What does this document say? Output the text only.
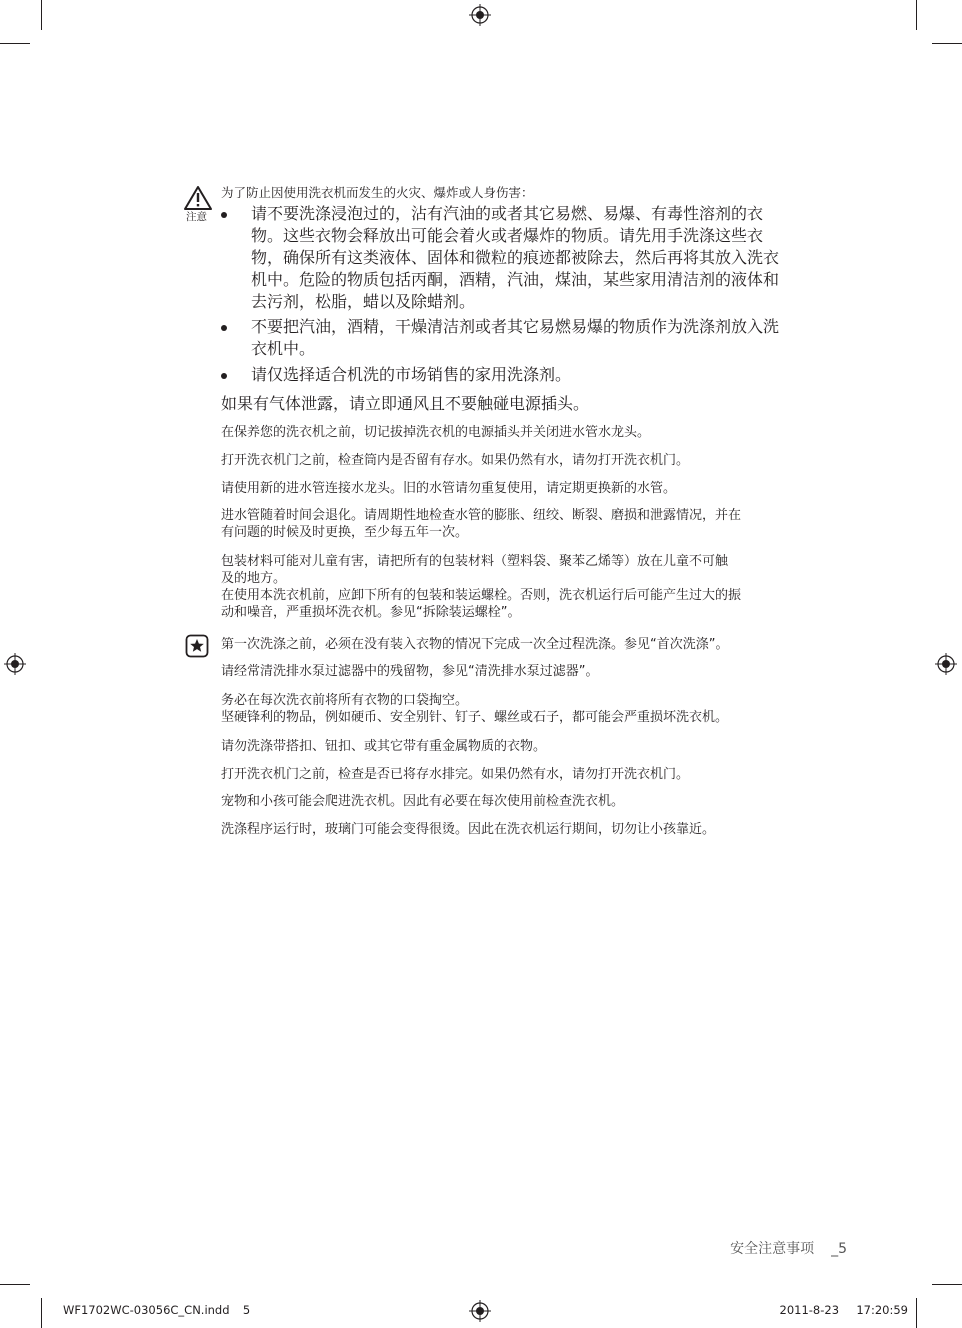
注意
为了防止因使用洗衣机而发生的火灾、爆炸或人身伤害：
请不要洗涤浸泡过的，沾有汽油的或者其它易燃、易爆、有毒性溶剂的衣
物。这些衣物会释放出可能会着火或者爆炸的物质。请先用手洗涤这些衣
物，确保所有这类液体、固体和微粒的痕迹都被除去，然后再将其放入洗衣
机中。危险的物质包括丙酮，酒精，汽油，煤油，某些家用清洁剂的液体和
去污剂，松脂，蜡以及除蜡剂。
不要把汽油，酒精，干燥清洁剂或者其它易燃易爆的物质作为洗涤剂放入洗
衣机中。
请仅选择适合机洗的市场销售的家用洗涤剂。
如果有气体泄露，请立即通风且不要触碰电源插头。
在保养您的洗衣机之前，切记拔掉洗衣机的电源插头并关闭进水管水龙头。
打开洗衣机门之前，检查筒内是否留有存水。如果仍然有水，请勿打开洗衣机门。
请使用新的进水管连接水龙头。旧的水管请勿重复使用，请定期更换新的水管。
进水管随着时间会退化。请周期性地检查水管的膨胀、纽绞、断裂、磨损和泄露情况，并在
有问题的时候及时更换，至少每五年一次。
包装材料可能对儿童有害，请把所有的包装材料（塑料袋、聚苯乙烯等）放在儿童不可触
及的地方。
在使用本洗衣机前，应卸下所有的包装和装运螺栓。否则，洗衣机运行后可能产生过大的振
动和噪音，严重损坏洗衣机。参见“拆除装运螺栓”。
第一次洗涤之前，必须在没有装入衣物的情况下完成一次全过程洗涤。参见“首次洗涤”。
请经常清洗排水泵过滤器中的残留物，参见“清洗排水泵过滤器”。
务必在每次洗衣前将所有衣物的口袋掏空。
坚硬锋利的物品，例如硬币、安全别针、钉子、螺丝或石子，都可能会严重损坏洗衣机。
请勿洗涤带搭扣、钮扣、或其它带有重金属物质的衣物。
打开洗衣机门之前，检查是否已将存水排完。如果仍然有水，请勿打开洗衣机门。
宠物和小孩可能会爬进洗衣机。因此有必要在每次使用前检查洗衣机。
洗涤程序运行时，玻璃门可能会变得很烫。因此在洗衣机运行期间，切勿让小孩靠近。
安全注意事项 _5
WF1702WC-03056C_CN.indd 5	2011-8-23 17:20:59
